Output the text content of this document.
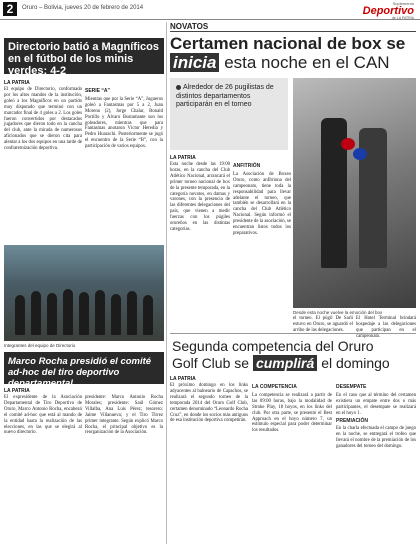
2	Oruro – Bolivia, jueves 20 de febrero de 2014
Suplemento
Deportivo
de LA PATRIA
Directorio batió a Magníficos en el fútbol de los minis verdes: 4-2
LA PATRIA
El equipo de Directorio, conformado por los altos mandos de la institución, goleó a los Magníficos en un partido muy disputado que terminó con un marcador final de 4 goles a 2. Los goles fueron convertidos por destacados jugadores que dieron todo en la cancha del club, ante la mirada de numerosos aficionados que se dieron cita para alentar a los dos equipos en una tarde de confraternización deportiva.
SERIE “A”
Mientras que por la Serie “A”, Jugueros goleó a Fantasmas por 5 a 2, Juan Moreno (2), Jorge Chalar, Ronald Portillo y Álvaro Bustamante son los goleadores, mientras que para Fantasmas anotaron Víctor Heredia y Pedro Huarachi. Posteriormente se jugó el encuentro de la Serie “B”, con la participación de varios equipos.
Integrantes del equipo de Directorio
Marco Rocha presidió el comité ad-hoc del tiro deportivo departamental
LA PATRIA
El expresidente de la Asociación Departamental de Tiro Deportivo de Oruro, Marco Antonio Rocha, encabezó el comité ad-hoc que está al mando de la entidad hasta la realización de las elecciones, en las que se elegirá al nuevo directorio.
presidente: Marco Antonio Rocha Morales; presidente: Saúl Gómez Villalba, Ana Luis Pérez; tesorero: Jaime Villanueva; y el Tiro Tirrez primer integrante. Según explicó Marco Rocha, el principal objetivo es la reorganización de la Asociación.
NOVATOS
Certamen nacional de box se
inicia esta noche en el CAN
Alrededor de 26 pugilistas de distintos departamentos participarán en el torneo
Desde esta noche vuelve la emoción del box
LA PATRIA
Esta noche desde las 19:00 horas, en la cancha del Club Atlético Nacional, arrancará el primer torneo nacional de box de la presente temporada, en la categoría novatos, en damas y varones, con la presencia de las diferentes delegaciones del país, que vienen a medir fuerzas con los púgiles orureños en las distintas categorías.
ANFITRIÓN
La Asociación de Boxeo Oruro, como anfitriona del campeonato, tiene toda la responsabilidad para llevar adelante el torneo, que también se desarrollará en la cancha del Club Atlético Nacional. Según informó el presidente de la asociación, se encuentran listos todos los preparativos.
el torneo. El púgil De Sarli estuvo en Oruro, se aguardó el arribo de las delegaciones.
El Hotel Terminal brindará hospedaje a las delegaciones que participan en el campeonato.
Segunda competencia del Oruro
Golf Club se cumplirá el domingo
LA PATRIA
El próximo domingo en los links adyacentes al balneario de Capachos, se realizará el segundo torneo de la temporada 2014 del Oruro Golf Club, certamen denominado “Leonardo Rocha Cruz”, en donde los socios más antiguos de esa institución deportiva competirán.
LA COMPETENCIA
La competencia se realizará a partir de las 09:00 horas, bajo la modalidad de Stroke Play, 18 hoyos, en los links del club. Por otra parte, se presentó el Best Approach en el hoyo número 7, un estímulo especial para poder determinar los resultados.
DESEMPATE
En el caso que al término del certamen existiera un empate entre dos o más participantes, el desempate se realizará en el hoyo 1.
PREMIACIÓN
En la charla efectuada el campo de juego en la noche, se entregará el trofeo que llevará el nombre de la premiación de los ganadores del torneo del domingo.
